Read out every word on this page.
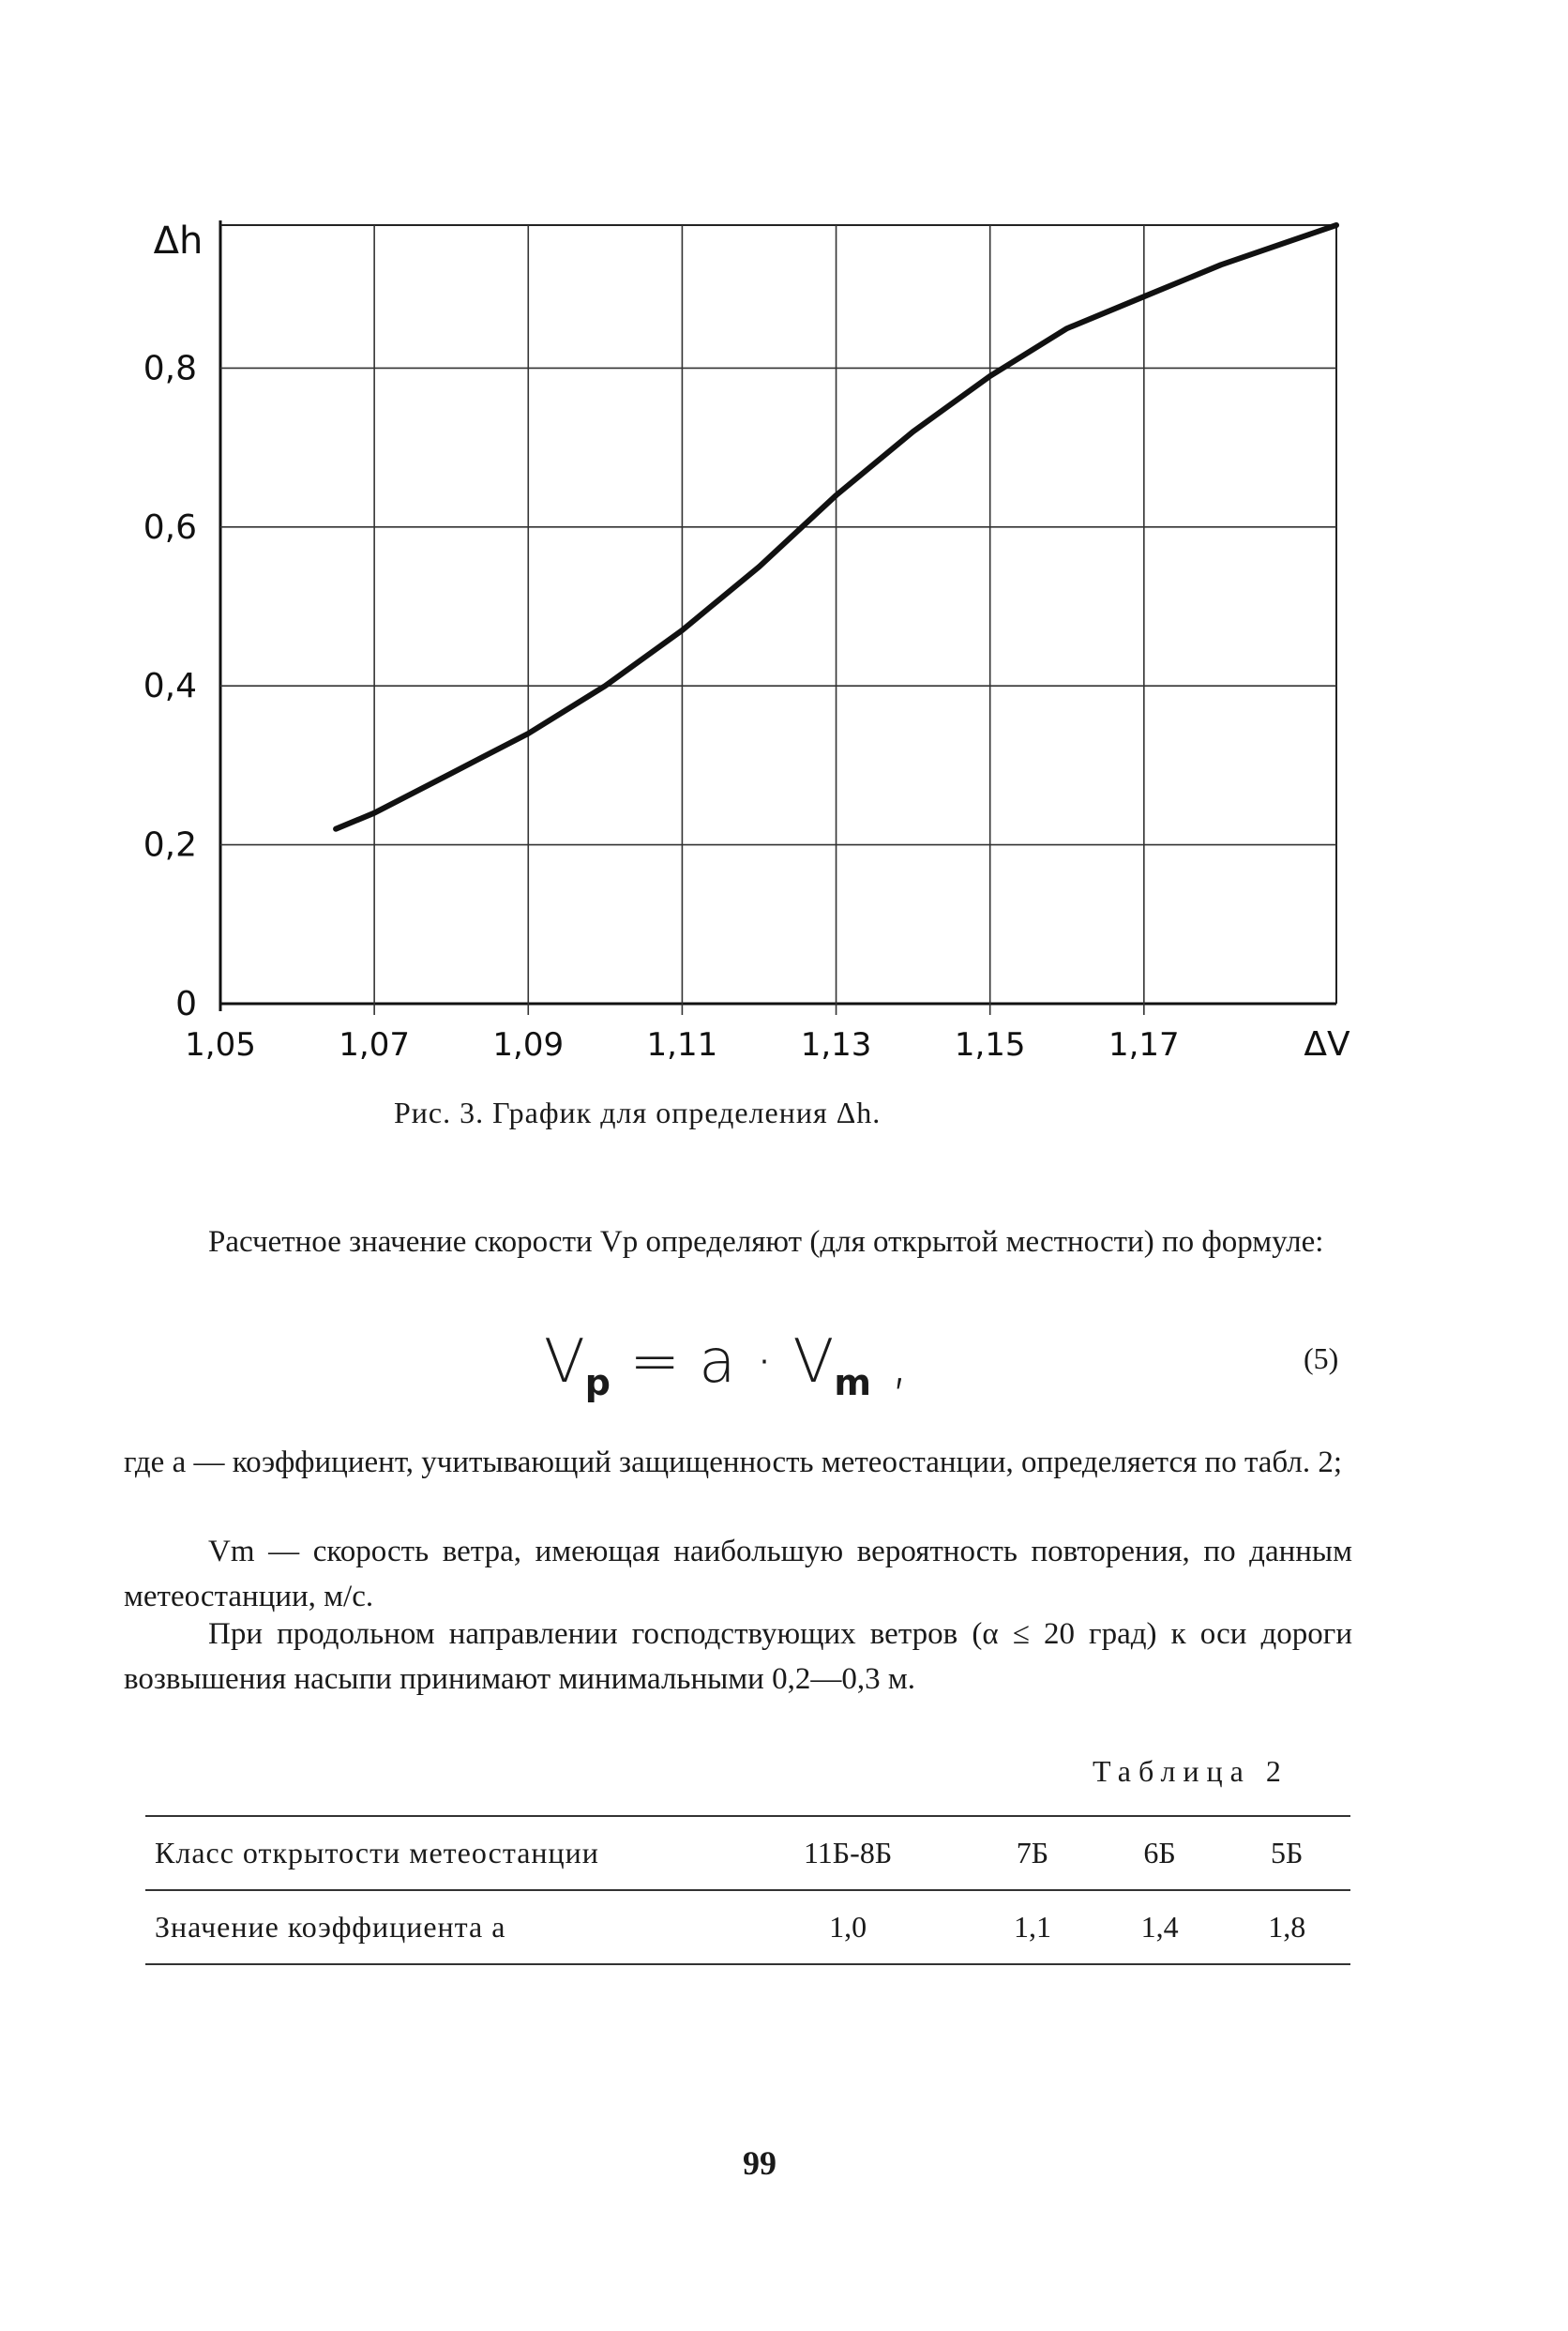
1,05	1,07	1,09	1,11	1,13	1,15	1,17
0
0,2
0,4
0,6
0,8
Δh
ΔV
Рис. 3. График для определения Δh.
Расчетное значение скорости Vр определяют (для открытой местности) по формуле:
$V_p = a \cdot V_m$ ,	(5)
где а — коэффициент, учитывающий защищенность метеостанции, определяется по табл. 2;
Vm — скорость ветра, имеющая наибольшую вероятность повторения, по данным метеостанции, м/с.
При продольном направлении господствующих ветров (α ≤ 20 град) к оси дороги возвышения насыпи принимают минимальными 0,2—0,3 м.
Таблица 2
Класс открытости метеостанции	11Б-8Б	7Б	6Б	5Б
Значение коэффициента а	1,0	1,1	1,4	1,8
99
